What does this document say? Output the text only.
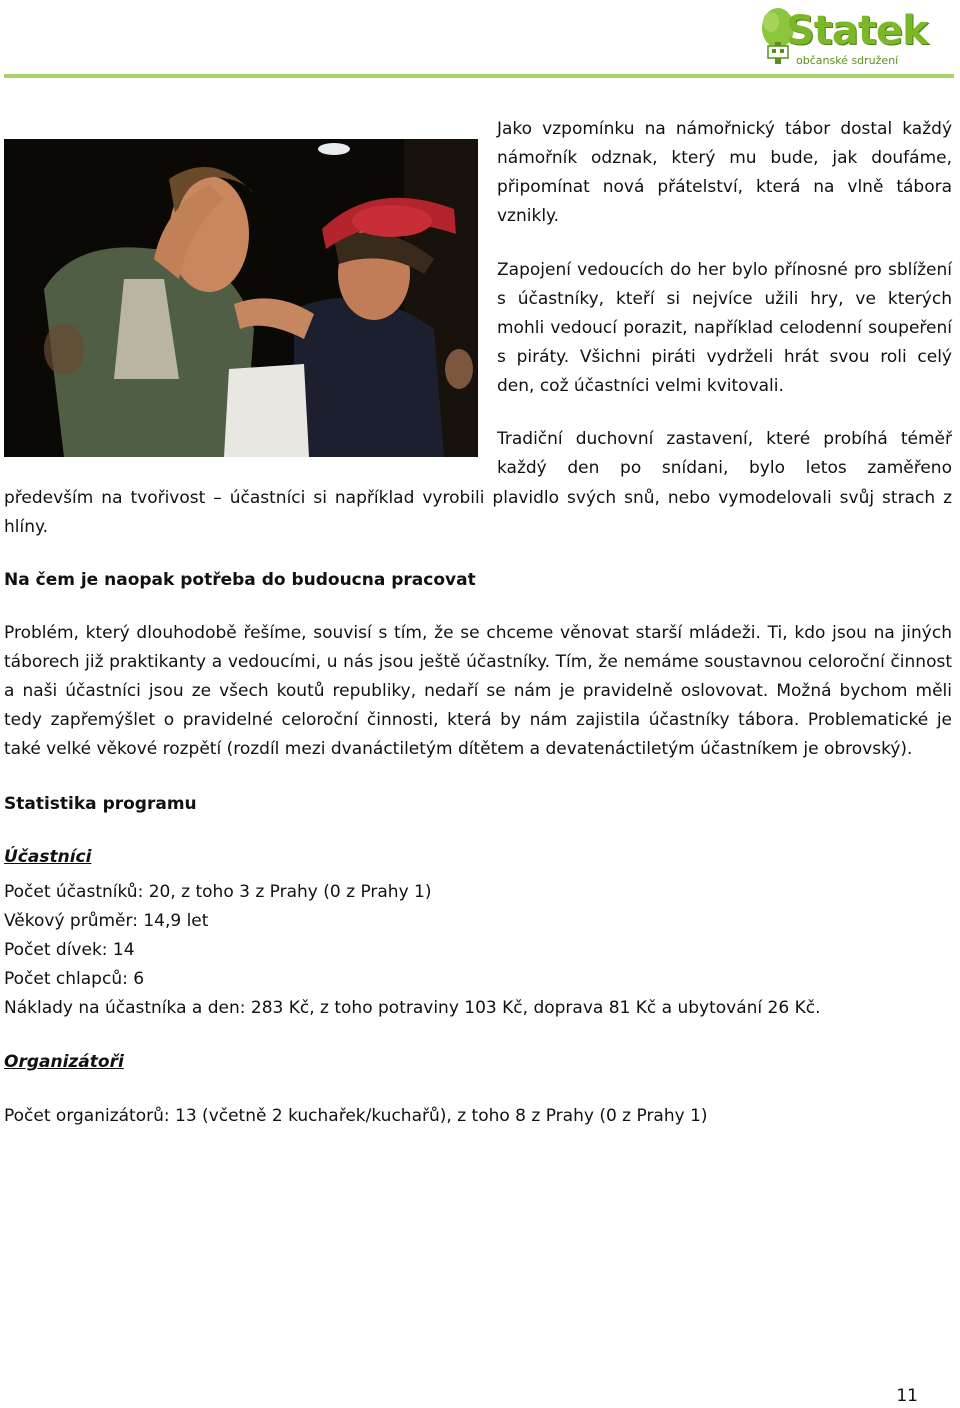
Statek
občanské sdružení

Jako vzpomínku na námořnický tábor dostal každý námořník odznak, který mu bude, jak doufáme, připomínat nová přátelství, která na vlně tábora vznikly.

Zapojení vedoucích do her bylo přínosné pro sblížení s účastníky, kteří si nejvíce užili hry, ve kterých mohli vedoucí porazit, například celodenní soupeření s piráty. Všichni piráti vydrželi hrát svou roli celý den, což účastníci velmi kvitovali.

Tradiční duchovní zastavení, které probíhá téměř každý den po snídani, bylo letos zaměřeno

především na tvořivost – účastníci si například vyrobili plavidlo svých snů, nebo vymodelovali svůj strach z hlíny.

Na čem je naopak potřeba do budoucna pracovat

Problém, který dlouhodobě řešíme, souvisí s tím, že se chceme věnovat starší mládeži. Ti, kdo jsou na jiných táborech již praktikanty a vedoucími, u nás jsou ještě účastníky. Tím, že nemáme soustavnou celoroční činnost a naši účastníci jsou ze všech koutů republiky, nedaří se nám je pravidelně oslovovat. Možná bychom měli tedy zapřemýšlet o pravidelné celoroční činnosti, která by nám zajistila účastníky tábora. Problematické je také velké věkové rozpětí (rozdíl mezi dvanáctiletým dítětem a devatenáctiletým účastníkem je obrovský).

Statistika programu
Účastníci
Počet účastníků: 20, z toho 3 z Prahy (0 z Prahy 1)
Věkový průměr: 14,9 let
Počet dívek: 14
Počet chlapců: 6
Náklady na účastníka a den: 283 Kč, z toho potraviny 103 Kč, doprava 81 Kč a ubytování 26 Kč.
Organizátoři

Počet organizátorů: 13 (včetně 2 kuchařek/kuchařů), z toho 8 z Prahy (0 z Prahy 1)

11
